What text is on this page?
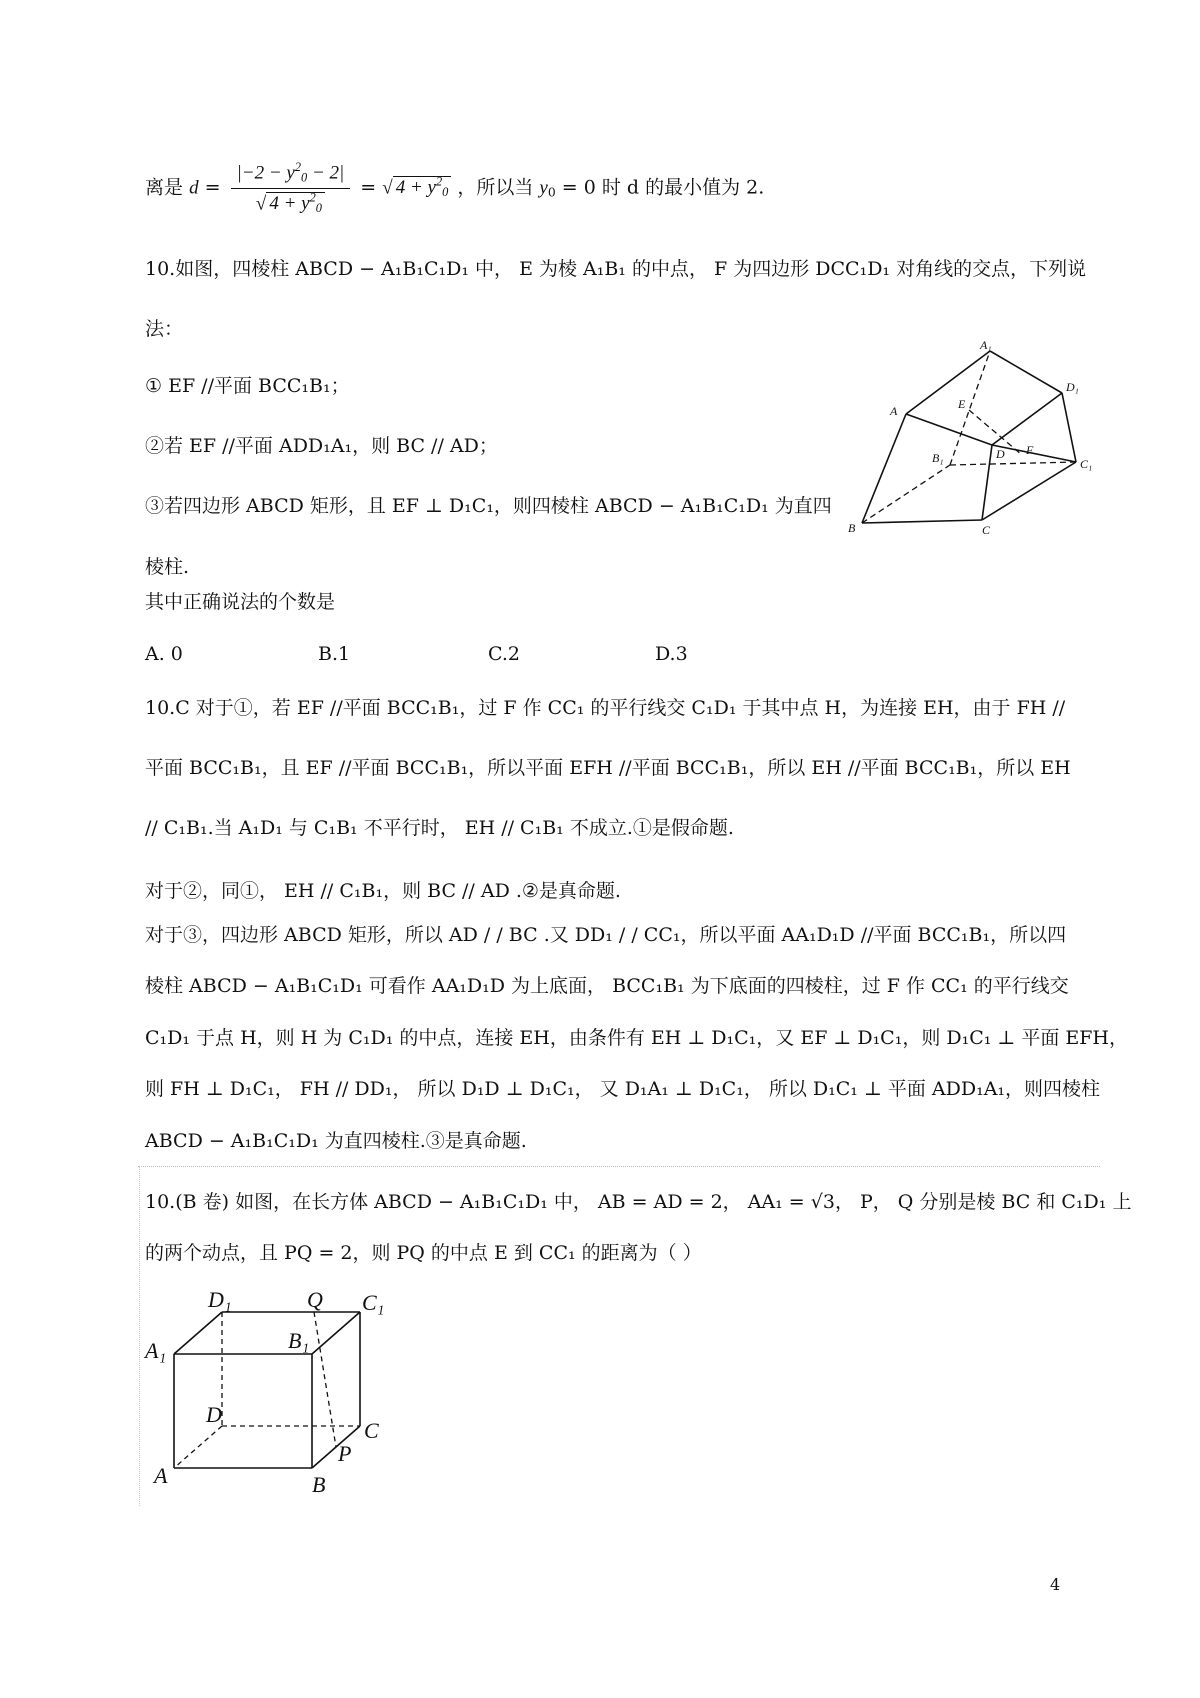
离是 $d = \frac{|-2 - y^2_0 - 2|}{√ 4 + y^2_0}$ = √ $4 + y^2_0$ ，所以当 $y_0 = 0$ 时 d 的最小值为 2.
10.如图，四棱柱 ABCD − A₁B₁C₁D₁ 中， E 为棱 A₁B₁ 的中点， F 为四边形 DCC₁D₁ 对角线的交点，下列说
法：
① EF //平面 BCC₁B₁；
②若 EF //平面 ADD₁A₁，则 BC // AD；
③若四边形 ABCD 矩形，且 EF ⊥ D₁C₁，则四棱柱 ABCD − A₁B₁C₁D₁ 为直四
棱柱.
其中正确说法的个数是
A. 0	B.1	C.2	D.3
A₁
D₁
A	E
D F
B₁	C₁
B	C
10.C 对于①，若 EF //平面 BCC₁B₁，过 F 作 CC₁ 的平行线交 C₁D₁ 于其中点 H，为连接 EH，由于 FH //
平面 BCC₁B₁，且 EF //平面 BCC₁B₁，所以平面 EFH //平面 BCC₁B₁，所以 EH //平面 BCC₁B₁，所以 EH
// C₁B₁.当 A₁D₁ 与 C₁B₁ 不平行时， EH // C₁B₁ 不成立.①是假命题.
对于②，同①， EH // C₁B₁，则 BC // AD .②是真命题.
对于③，四边形 ABCD 矩形，所以 AD / / BC .又 DD₁ / / CC₁，所以平面 AA₁D₁D //平面 BCC₁B₁，所以四
棱柱 ABCD − A₁B₁C₁D₁ 可看作 AA₁D₁D 为上底面， BCC₁B₁ 为下底面的四棱柱，过 F 作 CC₁ 的平行线交
C₁D₁ 于点 H，则 H 为 C₁D₁ 的中点，连接 EH，由条件有 EH ⊥ D₁C₁，又 EF ⊥ D₁C₁，则 D₁C₁ ⊥ 平面 EFH，
则 FH ⊥ D₁C₁， FH // DD₁， 所以 D₁D ⊥ D₁C₁， 又 D₁A₁ ⊥ D₁C₁， 所以 D₁C₁ ⊥ 平面 ADD₁A₁，则四棱柱
ABCD − A₁B₁C₁D₁ 为直四棱柱.③是真命题.
10.(B 卷) 如图，在长方体 ABCD − A₁B₁C₁D₁ 中， AB = AD = 2， AA₁ = √3， P， Q 分别是棱 BC 和 C₁D₁ 上
的两个动点，且 PQ = 2，则 PQ 的中点 E 到 CC₁ 的距离为（ ）
D₁	Q C₁
A₁	B₁
D
C
P
A	B
4
